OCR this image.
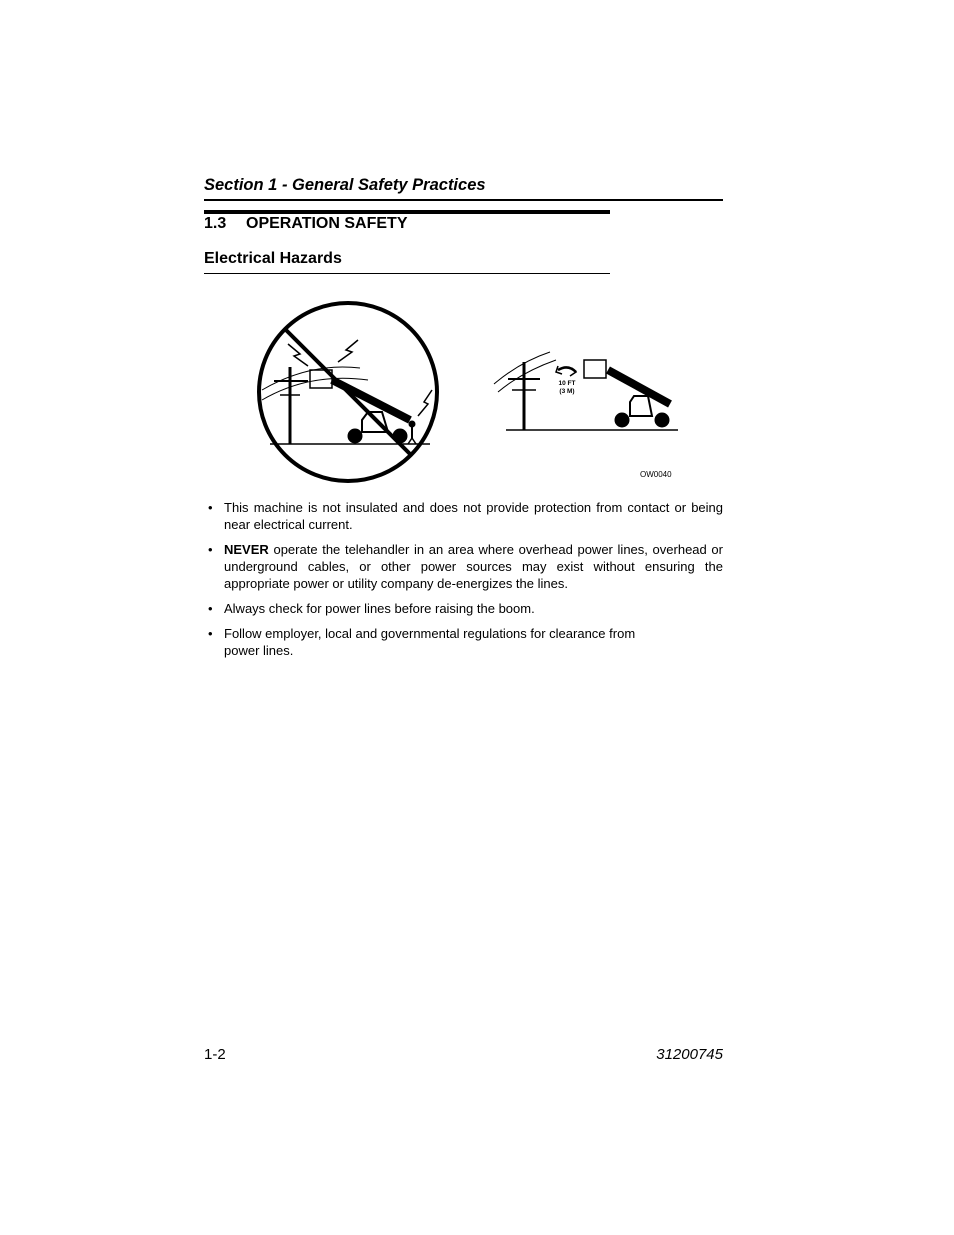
Section 1 - General Safety Practices
1.3 OPERATION SAFETY
Electrical Hazards
10 FT
(3 M)
OW0040
• This machine is not insulated and does not provide protection from contact or being near electrical current.
• NEVER operate the telehandler in an area where overhead power lines, overhead or underground cables, or other power sources may exist without ensuring the appropriate power or utility company de-energizes the lines.
• Always check for power lines before raising the boom.
• Follow employer, local and governmental regulations for clearance from power lines.
1-2	31200745
